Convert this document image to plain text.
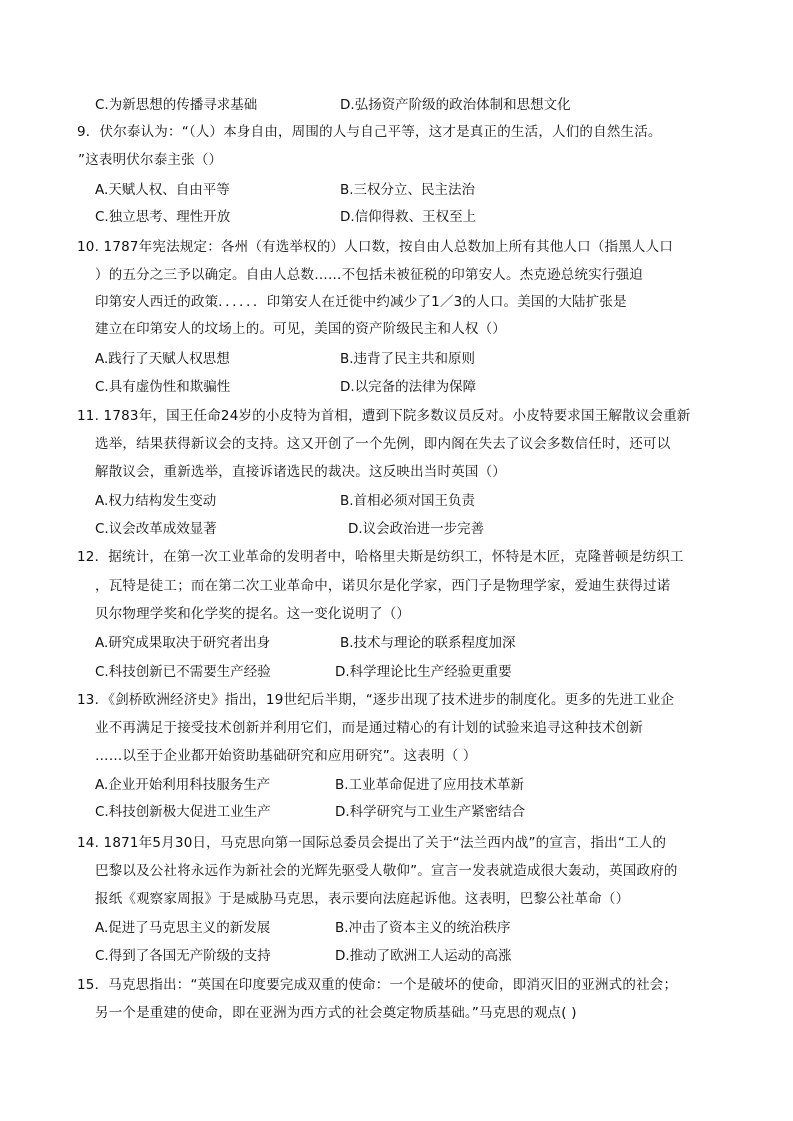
C.为新思想的传播寻求基础	D.弘扬资产阶级的政治体制和思想文化
9．伏尔泰认为：“（人）本身自由，周围的人与自己平等，这才是真正的生活，人们的自然生活。
”这表明伏尔泰主张（）
A.天赋人权、自由平等	B.三权分立、民主法治
C.独立思考、理性开放	D.信仰得救、王权至上
10. 1787年宪法规定：各州（有选举权的）人口数，按自由人总数加上所有其他人口（指黑人人口
）的五分之三予以确定。自由人总数……不包括未被征税的印第安人。杰克逊总统实行强迫
印第安人西迁的政策．．．．．．印第安人在迁徙中约减少了1／3的人口。美国的大陆扩张是
建立在印第安人的坟场上的。可见，美国的资产阶级民主和人权（）
A.践行了天赋人权思想	B.违背了民主共和原则
C.具有虚伪性和欺骗性	D.以完备的法律为保障
11. 1783年，国王任命24岁的小皮特为首相，遭到下院多数议员反对。小皮特要求国王解散议会重新
选举，结果获得新议会的支持。这又开创了一个先例，即内阁在失去了议会多数信任时，还可以
解散议会，重新选举，直接诉诸选民的裁决。这反映出当时英国（）
A.权力结构发生变动	B.首相必须对国王负责
C.议会改革成效显著	D.议会政治进一步完善
12．据统计，在第一次工业革命的发明者中，哈格里夫斯是纺织工，怀特是木匠，克隆普顿是纺织工
，瓦特是徒工；而在第二次工业革命中，诺贝尔是化学家，西门子是物理学家，爱迪生获得过诺
贝尔物理学奖和化学奖的提名。这一变化说明了（）
A.研究成果取决于研究者出身	B.技术与理论的联系程度加深
C.科技创新已不需要生产经验	D.科学理论比生产经验更重要
13．《剑桥欧洲经济史》指出，19世纪后半期，“逐步出现了技术进步的制度化。更多的先进工业企
业不再满足于接受技术创新并利用它们，而是通过精心的有计划的试验来追寻这种技术创新
……以至于企业都开始资助基础研究和应用研究”。这表明（ ）
A.企业开始利用科技服务生产	B.工业革命促进了应用技术革新
C.科技创新极大促进工业生产	D.科学研究与工业生产紧密结合
14. 1871年5月30日，马克思向第一国际总委员会提出了关于“法兰西内战”的宣言，指出“工人的
巴黎以及公社将永远作为新社会的光辉先驱受人敬仰”。宣言一发表就造成很大轰动，英国政府的
报纸《观察家周报》于是威胁马克思，表示要向法庭起诉他。这表明，巴黎公社革命（）
A.促进了马克思主义的新发展	B.冲击了资本主义的统治秩序
C.得到了各国无产阶级的支持	D.推动了欧洲工人运动的高涨
15．马克思指出：“英国在印度要完成双重的使命：一个是破坏的使命，即消灭旧的亚洲式的社会；
另一个是重建的使命，即在亚洲为西方式的社会奠定物质基础。”马克思的观点( )
